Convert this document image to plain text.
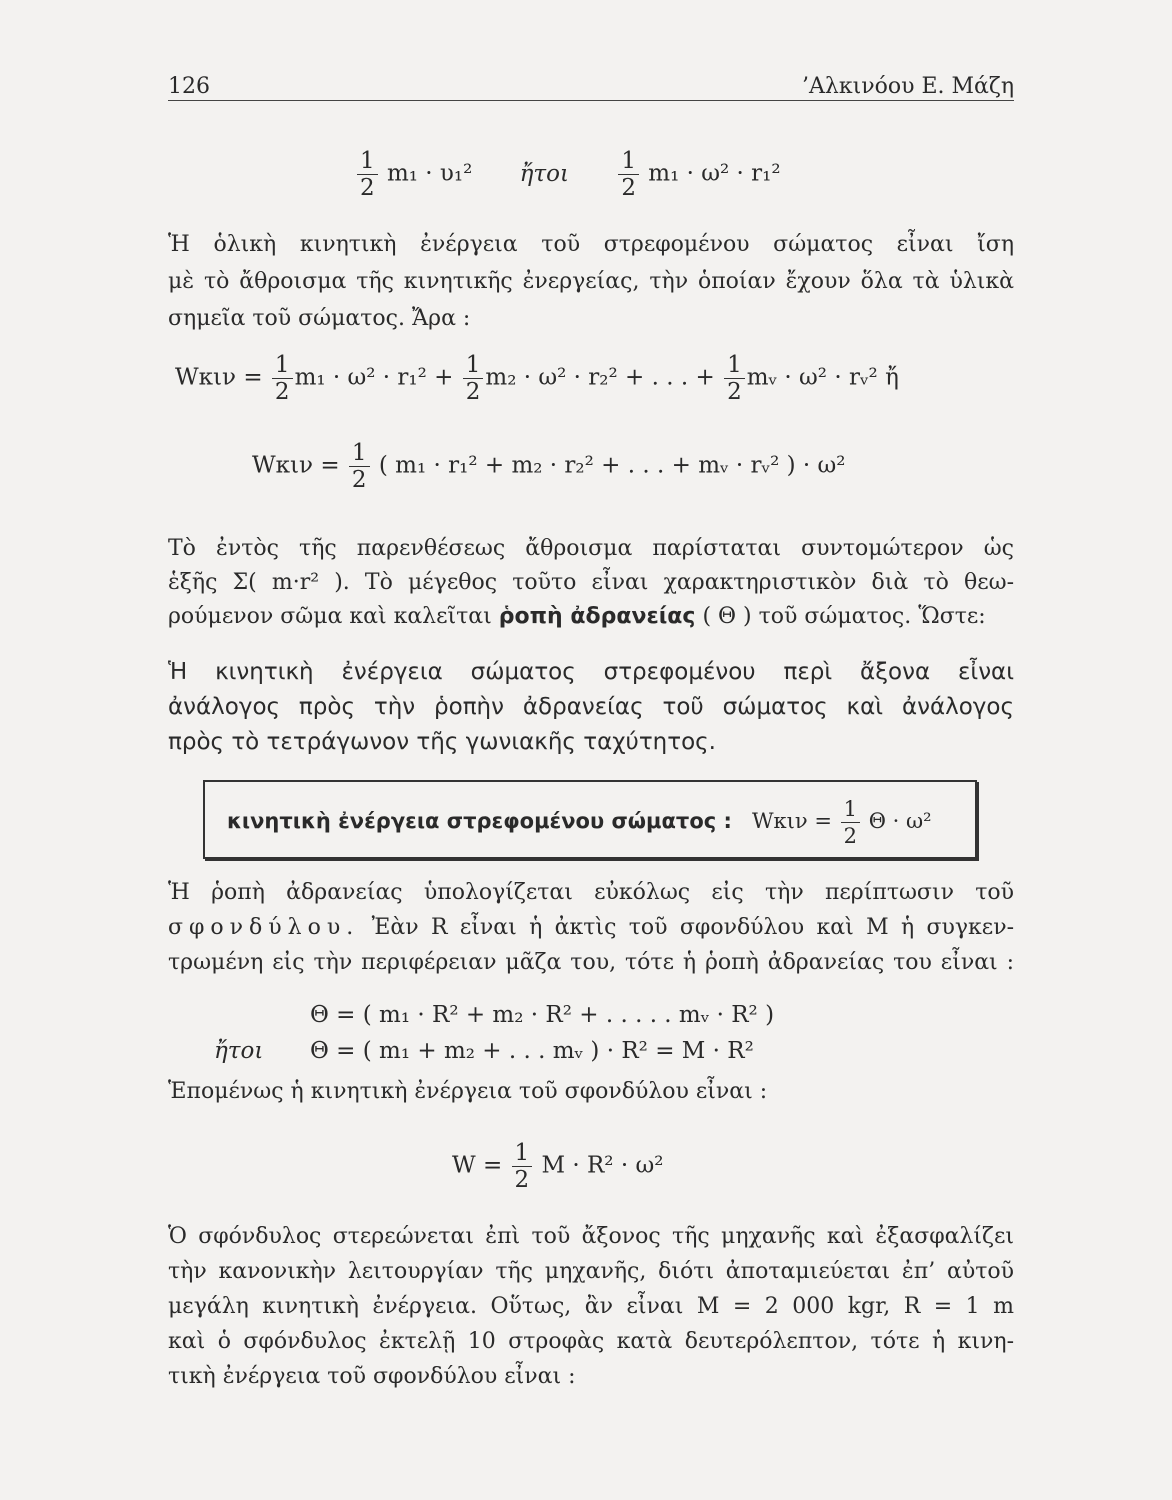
126	’Αλκινόου Ε. Μάζη
$\frac{1}{2} m_1 \cdot \upsilon_1^2$ ἤτοι $\frac{1}{2} m_1 \cdot \omega^2 \cdot r_1^2$
Ἡ ὁλικὴ κινητικὴ ἐνέργεια τοῦ στρεφομένου σώματος εἶναι ἴση
μὲ τὸ ἄθροισμα τῆς κινητικῆς ἐνεργείας, τὴν ὁποίαν ἔχουν ὅλα τὰ ὑλικὰ
σημεῖα τοῦ σώματος. Ἄρα :
$W\kappa\iota\nu = \frac{1}{2} m_1 \cdot \omega^2 \cdot r_1^2 + \frac{1}{2} m_2 \cdot \omega^2 \cdot r_2^2$ + . . . + $\frac{1}{2}$ mᵥ · ω² · rᵥ² ἤ
$W\kappa\iota\nu = \frac{1}{2}$ ( m₁ · r₁² + m₂ · r₂² + . . . + mᵥ · rᵥ² ) · ω²
Τὸ ἐντὸς τῆς παρενθέσεως ἄθροισμα παρίσταται συντομώτερον ὡς
ἑξῆς Σ( m·r² ). Τὸ μέγεθος τοῦτο εἶναι χαρακτηριστικὸν διὰ τὸ θεω-
ρούμενον σῶμα καὶ καλεῖται ῥοπὴ ἀδρανείας ( Θ ) τοῦ σώματος. Ὥστε:
Ἡ κινητικὴ ἐνέργεια σώματος στρεφομένου περὶ ἄξονα εἶναι
ἀνάλογος πρὸς τὴν ῥοπὴν ἀδρανείας τοῦ σώματος καὶ ἀνάλογος
πρὸς τὸ τετράγωνον τῆς γωνιακῆς ταχύτητος.
κινητικὴ ἐνέργεια στρεφομένου σώματος : $W\kappa\iota\nu = \frac{1}{2}$ Θ · ω²
Ἡ ῥοπὴ ἀδρανείας ὑπολογίζεται εὐκόλως εἰς τὴν περίπτωσιν τοῦ
σφονδύλου. Ἐὰν R εἶναι ἡ ἀκτὶς τοῦ σφονδύλου καὶ M ἡ συγκεν-
τρωμένη εἰς τὴν περιφέρειαν μᾶζα του, τότε ἡ ῥοπὴ ἀδρανείας του εἶναι :
Θ = ( m₁ · R² + m₂ · R² + . . . . . mᵥ · R² )
ἤτοι Θ = ( m₁ + m₂ + . . . mᵥ ) · R² = M · R²
Ἑπομένως ἡ κινητικὴ ἐνέργεια τοῦ σφονδύλου εἶναι :
$W = \frac{1}{2}$ M · R² · ω²
Ὁ σφόνδυλος στερεώνεται ἐπὶ τοῦ ἄξονος τῆς μηχανῆς καὶ ἐξασφαλίζει
τὴν κανονικὴν λειτουργίαν τῆς μηχανῆς, διότι ἀποταμιεύεται ἐπ’ αὐτοῦ
μεγάλη κινητικὴ ἐνέργεια. Οὕτως, ἂν εἶναι M = 2 000 kgr, R = 1 m
καὶ ὁ σφόνδυλος ἐκτελῇ 10 στροφὰς κατὰ δευτερόλεπτον, τότε ἡ κινη-
τικὴ ἐνέργεια τοῦ σφονδύλου εἶναι :
